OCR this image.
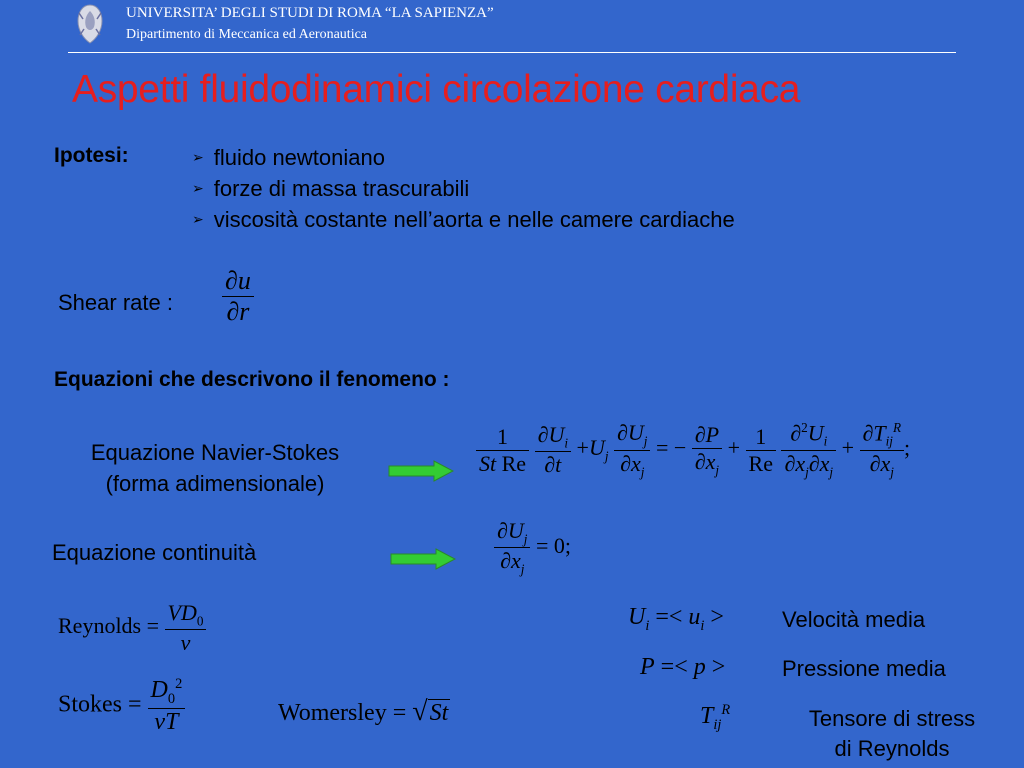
UNIVERSITA’ DEGLI STUDI DI ROMA “LA SAPIENZA”
Dipartimento di Meccanica ed Aeronautica
Aspetti fluidodinamici circolazione cardiaca
Ipotesi:	➢ fluido newtoniano
➢ forze di massa trascurabili
➢ viscosità costante nell’aorta e nelle camere cardiache
Shear rate : $\frac{\partial u}{\partial r}$
Equazioni che descrivono il fenomeno :
Equazione Navier-Stokes
(forma adimensionale)
$\frac{1}{\text{St Re}}$
$\frac{\partial U_i}{\partial t} +U_j \frac{\partial U_j}{\partial x_j}$ = − $\frac{\partial P}{\partial x_j} + \frac{1}{Re}$
$\frac{\partial^2U_i}{\partial x_j\partial x_j} + \frac{\partial T_{ij}^R}{\partial x_j}$ ;
Equazione continuità	$\frac{\partial U_j}{\partial x_j} = 0$;
Reynolds = $\frac{VD_0}{\nu}$
Stokes = $\frac{D_0^2}{\nu T}$	Womersley = √St
$U_i =< u_i$ >	Velocità media
P =< p >	Pressione media
$T_{ij}^R$	Tensore di stress
di Reynolds
